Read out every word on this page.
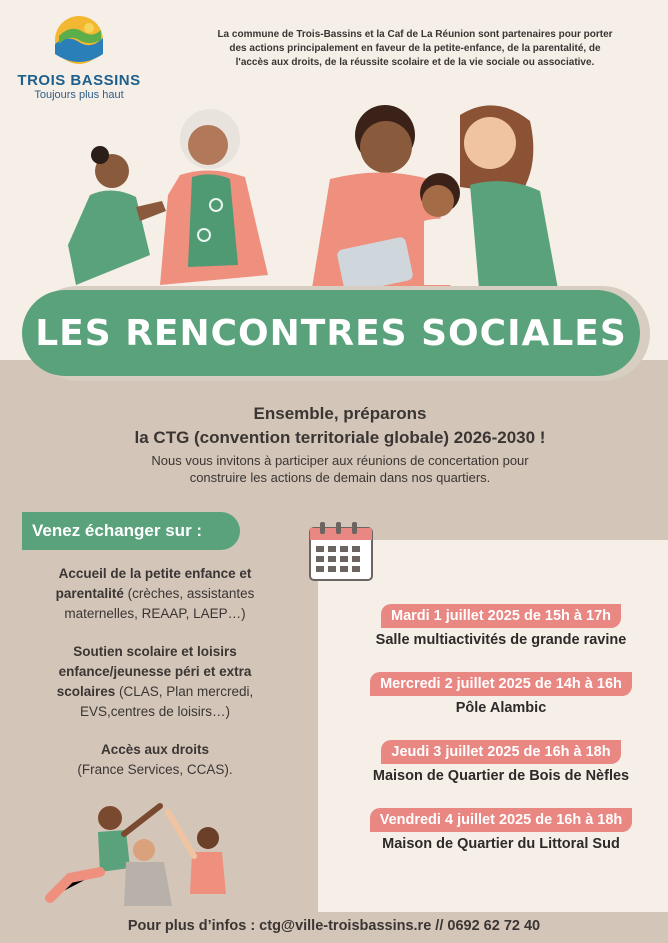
TROIS BASSINS
Toujours plus haut
La commune de Trois-Bassins et la Caf de La Réunion sont partenaires pour porter
des actions principalement en faveur de la petite-enfance, de la parentalité, de
l'accès aux droits, de la réussite scolaire et de la vie sociale ou associative.
LES RENCONTRES SOCIALES
Ensemble, préparons
la CTG (convention territoriale globale) 2026-2030 !
Nous vous invitons à participer aux réunions de concertation pour
construire les actions de demain dans nos quartiers.
Venez échanger sur :
Accueil de la petite enfance et
parentalité (crèches, assistantes
maternelles, REAAP, LAEP…)
Soutien scolaire et loisirs
enfance/jeunesse péri et extra
scolaires (CLAS, Plan mercredi,
EVS,centres de loisirs…)
Accès aux droits
(France Services, CCAS).
Mardi 1 juillet 2025 de 15h à 17h
Salle multiactivités de grande ravine
Mercredi 2 juillet 2025 de 14h à 16h
Pôle Alambic
Jeudi 3 juillet 2025 de 16h à 18h
Maison de Quartier de Bois de Nèfles
Vendredi 4 juillet 2025 de 16h à 18h
Maison de Quartier du Littoral Sud
Pour plus d’infos : ctg@ville-troisbassins.re // 0692 62 72 40
